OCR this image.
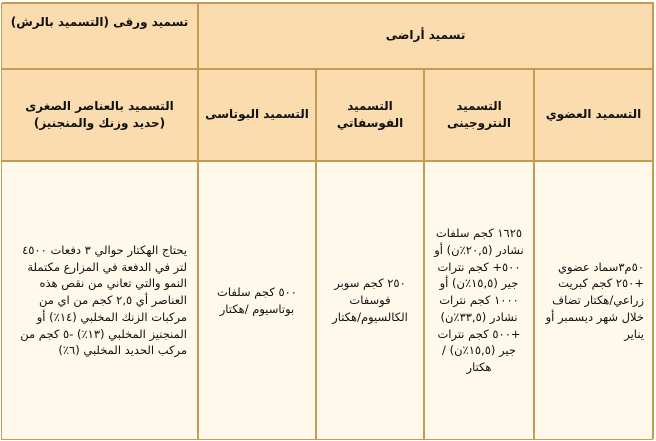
تسميد أراضى
تسميد ورقى (التسميد بالرش)
التسميد العضوي
التسميد النتروجينى
التسميد الفوسفاتي
التسميد البوتاسى
التسميد بالعناصر الصغرى (حديد وزنك والمنجنيز)
٥٠م٣سماد عضوي +٢٥٠ كجم كبريت زراعي/هكتار تضاف خلال شهر ديسمبر أو يناير
١٦٢٥ كجم سلفات نشادر (٢٠,٥٪ن) أو ٥٠٠+ كجم نترات جير (١٥,٥٪ن) أو ١٠٠٠ كجم نترات نشادر (٣٣,٥٪ن) +٥٠٠ كجم نترات جير (١٥,٥٪ن) / هكتار
٢٥٠ كجم سوبر فوسفات الكالسيوم/هكتار
٥٠٠ كجم سلفات بوتاسيوم /هكتار
يحتاج الهكتار حوالي ٣ دفعات ٤٥٠٠ لتر في الدفعة في المزارع مكتملة النمو والتي تعاني من نقص هذه العناصر أي ٢,٥ كجم من اي من مركبات الزنك المخلبي (١٤٪) أو المنجنيز المخلبي (١٣٪) -٥ كجم من مركب الحديد المخلبي (٦٪)
